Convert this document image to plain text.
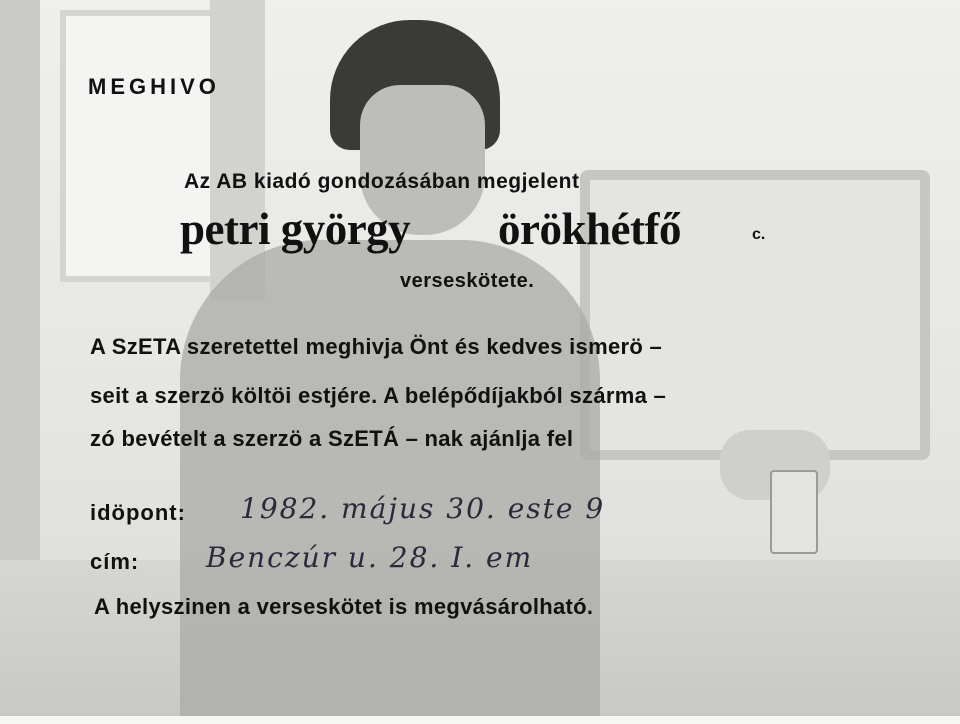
MEGHIVO
Az AB kiadó gondozásában megjelent
petri györgy örökhétfő	c.
verseskötete.
A SzETA szeretettel meghivja Önt és kedves ismerö –
seit a szerzö költöi estjére. A belépődíjakból szárma –
zó bevételt a szerzö a SzETÁ – nak ajánlja fel
idöpont: 1982. május 30. este 9
cím: Benczúr u. 28. I. em
A helyszinen a verseskötet is megvásárolható.
